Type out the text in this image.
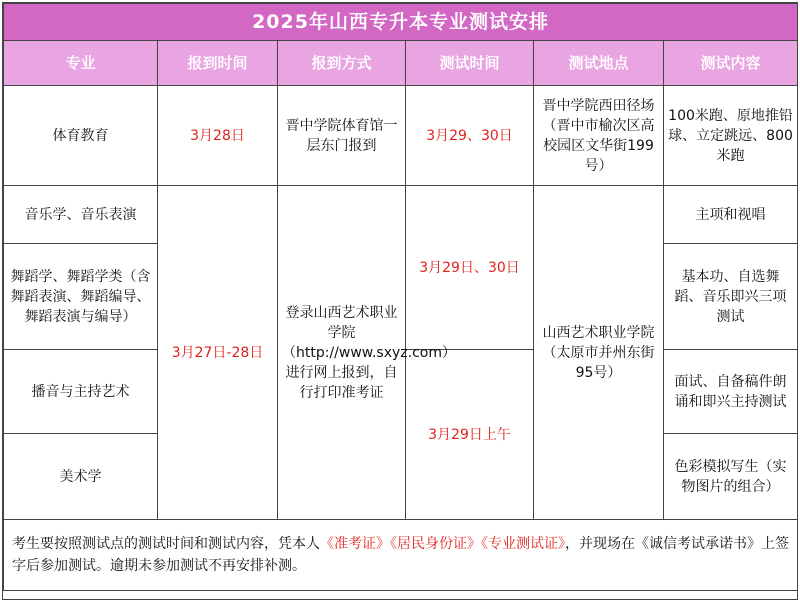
2025年山西专升本专业测试安排					
专业	报到时间	报到方式	测试时间	测试地点	测试内容
体育教育	3月28日	晋中学院体育馆一层东门报到	3月29、30日	晋中学院西田径场（晋中市榆次区高校园区文华街199号）	100米跑、原地推铅球、立定跳远、800米跑
音乐学、音乐表演	3月27日-28日	登录山西艺术职业学院（http://www.sxyz.com）进行网上报到，自行打印准考证	3月29日、30日	山西艺术职业学院（太原市并州东街95号）	主项和视唱
舞蹈学、舞蹈学类（含舞蹈表演、舞蹈编导、舞蹈表演与编导）					基本功、自选舞蹈、音乐即兴三项测试
播音与主持艺术			3月29日上午		面试、自备稿件朗诵和即兴主持测试
美术学					色彩模拟写生（实物图片的组合）
考生要按照测试点的测试时间和测试内容，凭本人《准考证》《居民身份证》《专业测试证》，并现场在《诚信考试承诺书》上签字后参加测试。逾期未参加测试不再安排补测。					
